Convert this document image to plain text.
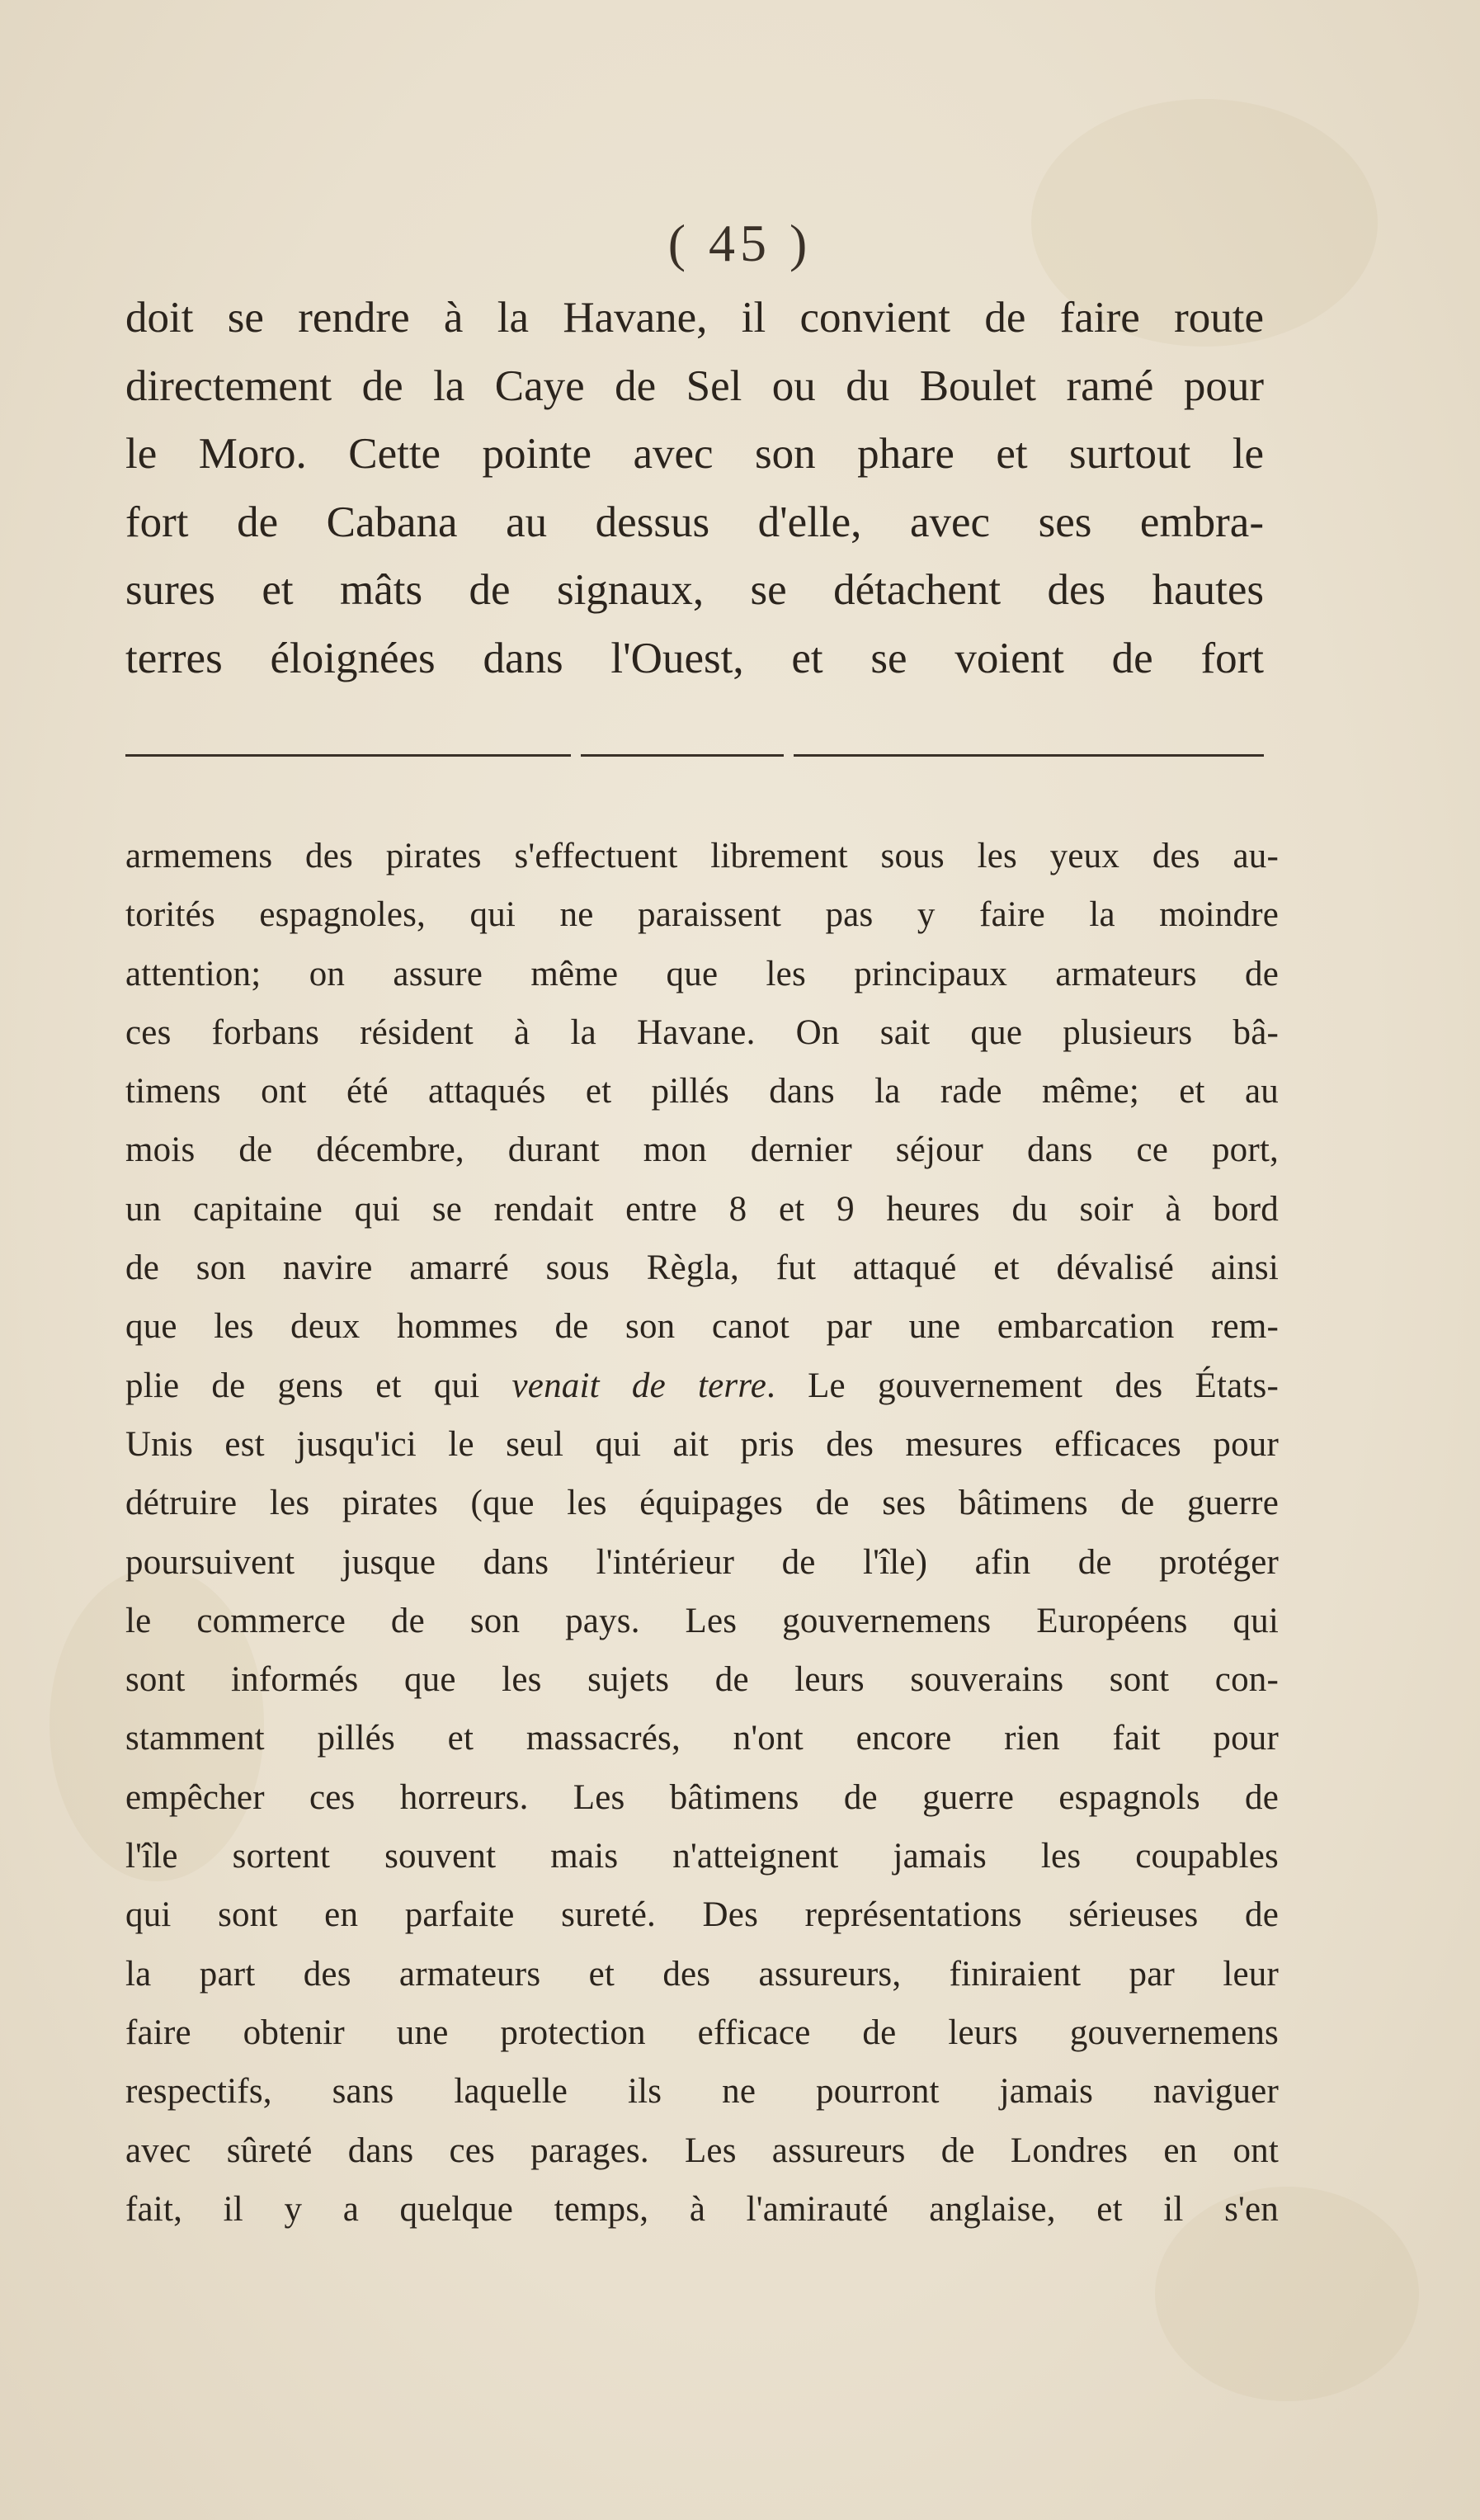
( 45 )
doit se rendre à la Havane, il convient de faire route
directement de la Caye de Sel ou du Boulet ramé pour
le Moro. Cette pointe avec son phare et surtout le
fort de Cabana au dessus d'elle, avec ses embra-
sures et mâts de signaux, se détachent des hautes
terres éloignées dans l'Ouest, et se voient de fort
armemens des pirates s'effectuent librement sous les yeux des au-
torités espagnoles, qui ne paraissent pas y faire la moindre
attention; on assure même que les principaux armateurs de
ces forbans résident à la Havane. On sait que plusieurs bâ-
timens ont été attaqués et pillés dans la rade même; et au
mois de décembre, durant mon dernier séjour dans ce port,
un capitaine qui se rendait entre 8 et 9 heures du soir à bord
de son navire amarré sous Règla, fut attaqué et dévalisé ainsi
que les deux hommes de son canot par une embarcation rem-
plie de gens et qui venait de terre. Le gouvernement des États-
Unis est jusqu'ici le seul qui ait pris des mesures efficaces pour
détruire les pirates (que les équipages de ses bâtimens de guerre
poursuivent jusque dans l'intérieur de l'île) afin de protéger
le commerce de son pays. Les gouvernemens Européens qui
sont informés que les sujets de leurs souverains sont con-
stamment pillés et massacrés, n'ont encore rien fait pour
empêcher ces horreurs. Les bâtimens de guerre espagnols de
l'île sortent souvent mais n'atteignent jamais les coupables
qui sont en parfaite sureté. Des représentations sérieuses de
la part des armateurs et des assureurs, finiraient par leur
faire obtenir une protection efficace de leurs gouvernemens
respectifs, sans laquelle ils ne pourront jamais naviguer
avec sûreté dans ces parages. Les assureurs de Londres en ont
fait, il y a quelque temps, à l'amirauté anglaise, et il s'en
